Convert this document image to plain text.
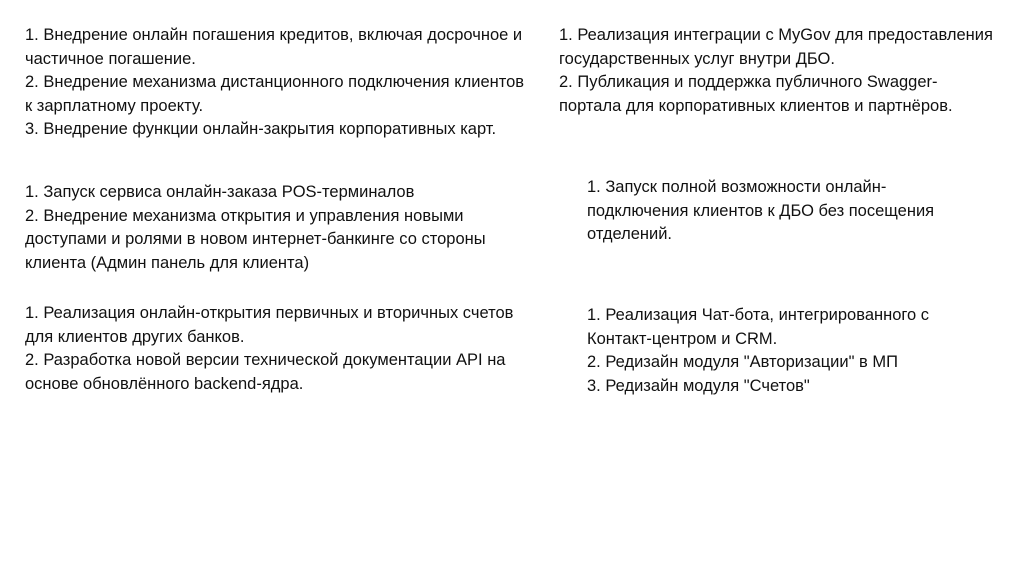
1. Внедрение онлайн погашения кредитов, включая досрочное и частичное погашение.

2. Внедрение механизма дистанционного подключения клиентов к зарплатному проекту.

3. Внедрение функции онлайн-закрытия корпоративных карт.

1. Реализация интеграции с MyGov для предоставления государственных услуг внутри ДБО.

2. Публикация и поддержка публичного Swagger-портала для корпоративных клиентов и партнёров.

1. Запуск сервиса онлайн-заказа POS-терминалов

2. Внедрение механизма открытия и управления новыми доступами и ролями в новом интернет-банкинге со стороны клиента (Админ панель для клиента)

1. Запуск полной возможности онлайн-подключения клиентов к ДБО без посещения отделений.

1. Реализация онлайн-открытия первичных и вторичных счетов для клиентов других банков.

2. Разработка новой версии технической документации API на основе обновлённого backend-ядра.

1. Реализация Чат-бота, интегрированного с Контакт-центром и CRM.

2. Редизайн модуля "Авторизации" в МП

3. Редизайн модуля "Счетов"
